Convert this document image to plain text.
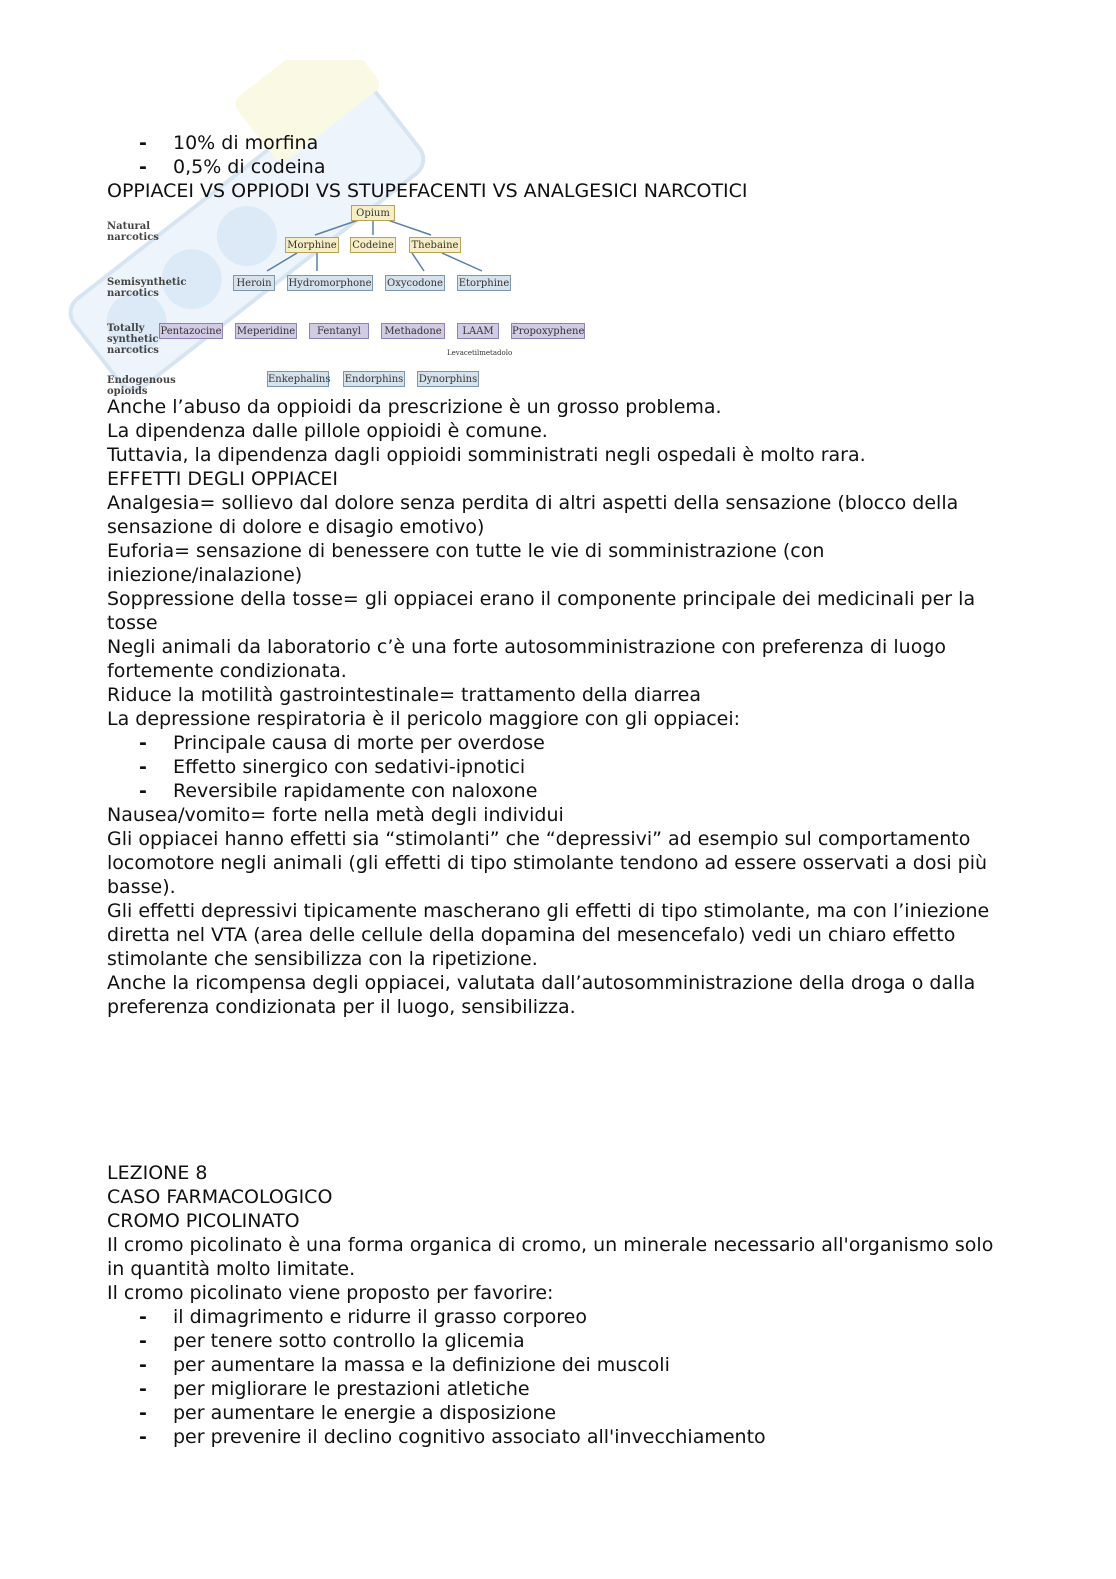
- 10% di morfina
- 0,5% di codeina
OPPIACEI VS OPPIODI VS STUPEFACENTI VS ANALGESICI NARCOTICI
Natural narcotics
Semisynthetic narcotics
Totally synthetic narcotics
Endogenous opioids
Opium
Morphine Codeine Thebaine
Heroin	Hydromorphone Oxycodone Etorphine
Pentazocine Meperidine	Fentanyl	Methadone	LAAM	Propoxyphene
Levacetilmetadolo
Enkephalins Endorphins Dynorphins
Anche l’abuso da oppioidi da prescrizione è un grosso problema.
La dipendenza dalle pillole oppioidi è comune.
Tuttavia, la dipendenza dagli oppioidi somministrati negli ospedali è molto rara.
EFFETTI DEGLI OPPIACEI
Analgesia= sollievo dal dolore senza perdita di altri aspetti della sensazione (blocco della sensazione di dolore e disagio emotivo)
Euforia= sensazione di benessere con tutte le vie di somministrazione (con iniezione/inalazione)
Soppressione della tosse= gli oppiacei erano il componente principale dei medicinali per la tosse
Negli animali da laboratorio c’è una forte autosomministrazione con preferenza di luogo fortemente condizionata.
Riduce la motilità gastrointestinale= trattamento della diarrea
La depressione respiratoria è il pericolo maggiore con gli oppiacei:
- Principale causa di morte per overdose
- Effetto sinergico con sedativi-ipnotici
- Reversibile rapidamente con naloxone
Nausea/vomito= forte nella metà degli individui
Gli oppiacei hanno effetti sia “stimolanti” che “depressivi” ad esempio sul comportamento locomotore negli animali (gli effetti di tipo stimolante tendono ad essere osservati a dosi più basse).
Gli effetti depressivi tipicamente mascherano gli effetti di tipo stimolante, ma con l’iniezione diretta nel VTA (area delle cellule della dopamina del mesencefalo) vedi un chiaro effetto stimolante che sensibilizza con la ripetizione.
Anche la ricompensa degli oppiacei, valutata dall’autosomministrazione della droga o dalla preferenza condizionata per il luogo, sensibilizza.
LEZIONE 8
CASO FARMACOLOGICO
CROMO PICOLINATO
Il cromo picolinato è una forma organica di cromo, un minerale necessario all'organismo solo in quantità molto limitate.
Il cromo picolinato viene proposto per favorire:
- il dimagrimento e ridurre il grasso corporeo
- per tenere sotto controllo la glicemia
- per aumentare la massa e la definizione dei muscoli
- per migliorare le prestazioni atletiche
- per aumentare le energie a disposizione
- per prevenire il declino cognitivo associato all'invecchiamento
